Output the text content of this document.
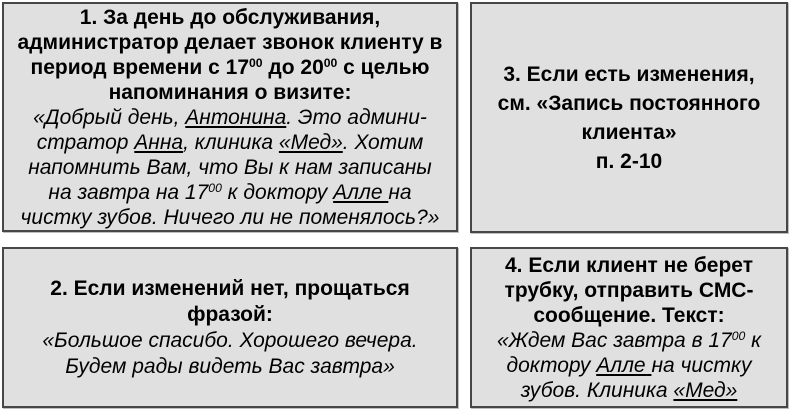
1. За день до обслуживания,
администратор делает звонок клиенту в
период времени с $17^{00}$ до $20^{00}$ с целью
напоминания о визите:
«Добрый день, Антонина. Это админи-
стратор Анна, клиника «Мед». Хотим
напомнить Вам, что Вы к нам записаны
на завтра на $17^{00}$ к доктору Алле на
чистку зубов. Ничего ли не поменялось?»
2. Если изменений нет, прощаться
фразой:
«Большое спасибо. Хорошего вечера.
Будем рады видеть Вас завтра»
3. Если есть изменения,
см. «Запись постоянного
клиента»
п. 2-10
4. Если клиент не берет
трубку, отправить СМС-
сообщение. Текст:
«Ждем Вас завтра в $17^{00}$ к
доктору Алле на чистку
зубов. Клиника «Мед»
